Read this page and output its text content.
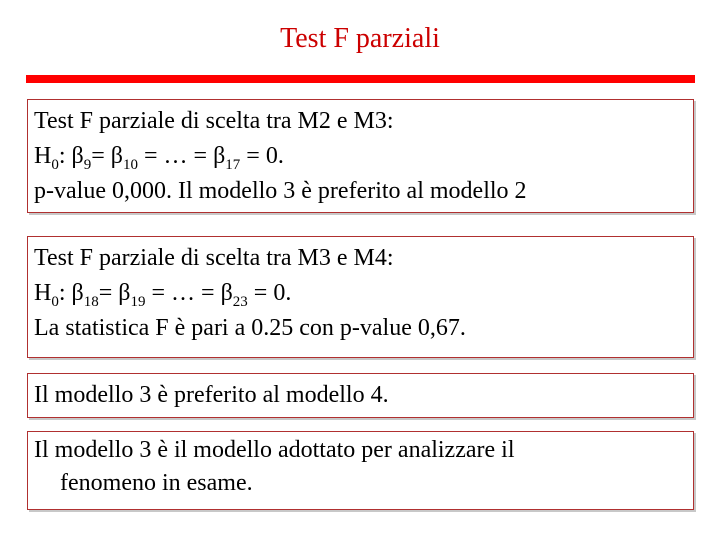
Test F parziali
Test F parziale di scelta tra M2 e M3:
$H_0$: $\beta_9= \beta_{10}$ = … = $\beta_{17} = 0$.
p-value 0,000. Il modello 3 è preferito al modello 2
Test F parziale di scelta tra M3 e M4:
$H_0$: $\beta_{18}= \beta_{19}$ = … = $\beta_{23} = 0$.
La statistica F è pari a 0.25 con p-value 0,67.
Il modello 3 è preferito al modello 4.
Il modello 3 è il modello adottato per analizzare il
fenomeno in esame.
